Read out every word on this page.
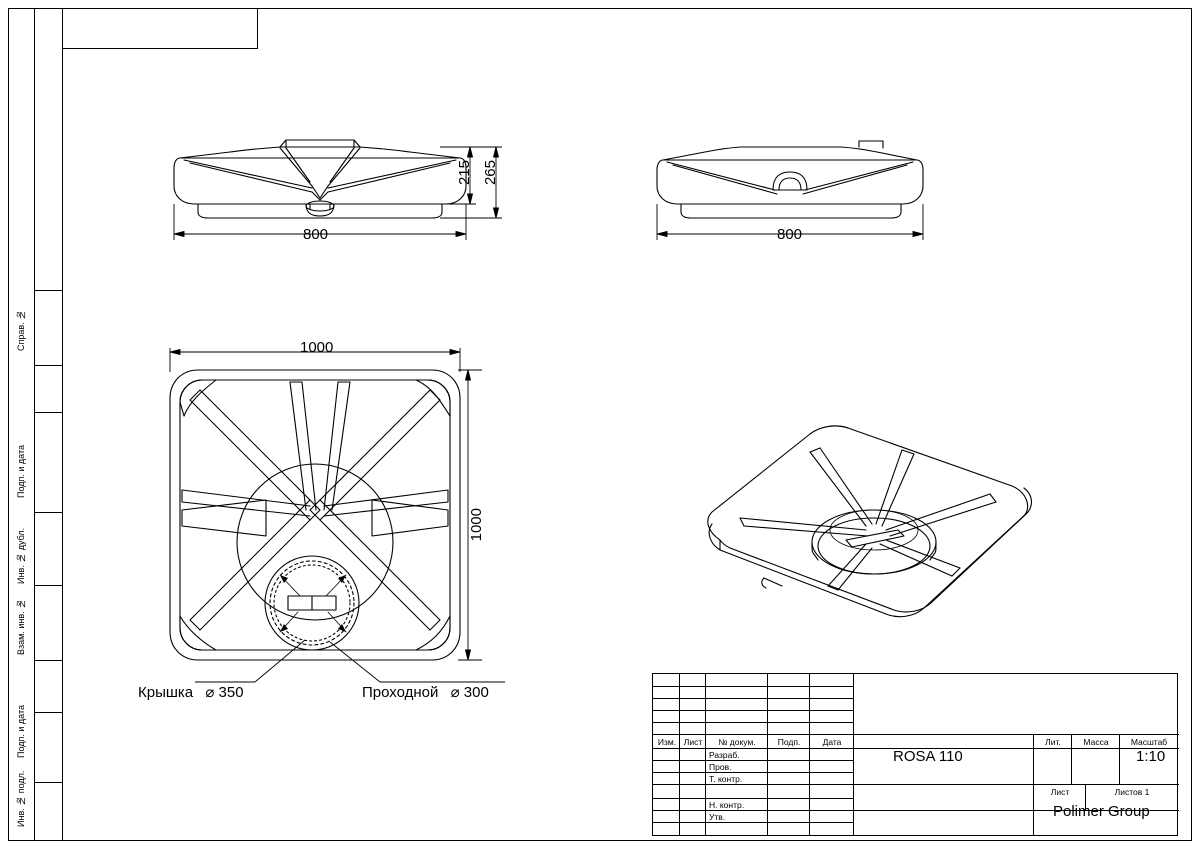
Справ. №
Подп. и дата
Инв. № дубл.
Взам. инв. №
Подп. и дата
Инв. № подл.
800
215 265
800
1000
1000
Крышка ⌀ 350	Проходной ⌀ 300
Изм. Лист	№ докум.	Подп.	Дата
Разраб.
Пров.
Т. контр.
Н. контр.
Утв.
Лит.	Масса	Масштаб
Лист	Листов 1
ROSA 110	1:10
Polimer Group
